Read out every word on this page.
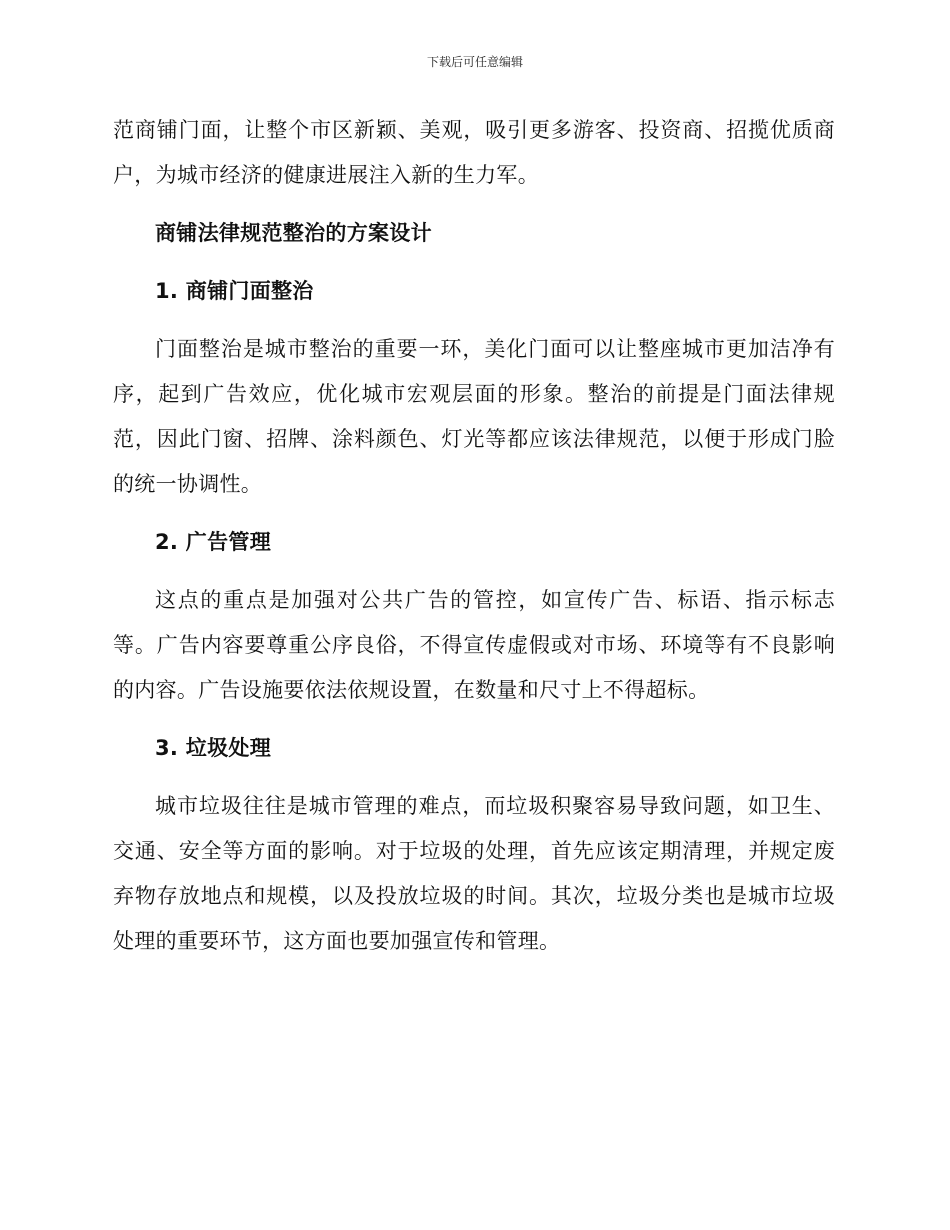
下载后可任意编辑

范商铺门面，让整个市区新颖、美观，吸引更多游客、投资商、招揽优质商户，为城市经济的健康进展注入新的生力军。

商铺法律规范整治的方案设计

1. 商铺门面整治

门面整治是城市整治的重要一环，美化门面可以让整座城市更加洁净有序，起到广告效应，优化城市宏观层面的形象。整治的前提是门面法律规范，因此门窗、招牌、涂料颜色、灯光等都应该法律规范，以便于形成门脸的统一协调性。

2. 广告管理

这点的重点是加强对公共广告的管控，如宣传广告、标语、指示标志等。广告内容要尊重公序良俗，不得宣传虚假或对市场、环境等有不良影响的内容。广告设施要依法依规设置，在数量和尺寸上不得超标。

3. 垃圾处理

城市垃圾往往是城市管理的难点，而垃圾积聚容易导致问题，如卫生、交通、安全等方面的影响。对于垃圾的处理，首先应该定期清理，并规定废弃物存放地点和规模，以及投放垃圾的时间。其次，垃圾分类也是城市垃圾处理的重要环节，这方面也要加强宣传和管理。
